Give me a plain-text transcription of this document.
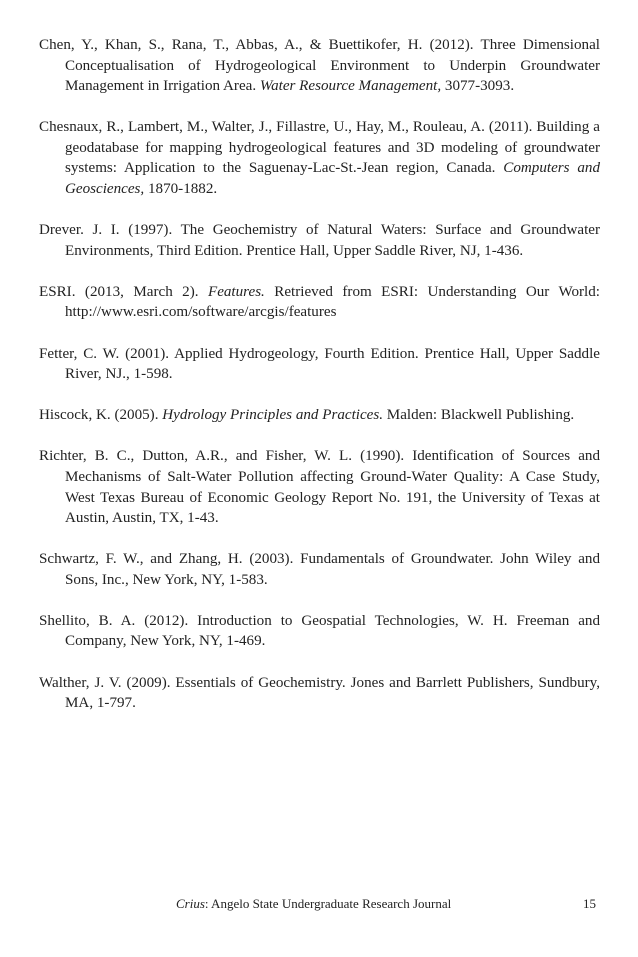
Chen, Y., Khan, S., Rana, T., Abbas, A., & Buettikofer, H. (2012). Three Dimensional Conceptualisation of Hydrogeological Environment to Underpin Groundwater Management in Irrigation Area. Water Resource Management, 3077-3093.

Chesnaux, R., Lambert, M., Walter, J., Fillastre, U., Hay, M., Rouleau, A. (2011). Building a geodatabase for mapping hydrogeological features and 3D modeling of groundwater systems: Application to the Saguenay-Lac-St.-Jean region, Canada. Computers and Geosciences, 1870-1882.

Drever. J. I. (1997). The Geochemistry of Natural Waters: Surface and Groundwater Environments, Third Edition. Prentice Hall, Upper Saddle River, NJ, 1-436.

ESRI. (2013, March 2). Features. Retrieved from ESRI: Understanding Our World: http://www.esri.com/software/arcgis/features

Fetter, C. W. (2001). Applied Hydrogeology, Fourth Edition. Prentice Hall, Upper Saddle River, NJ., 1-598.

Hiscock, K. (2005). Hydrology Principles and Practices. Malden: Blackwell Publishing.

Richter, B. C., Dutton, A.R., and Fisher, W. L. (1990). Identification of Sources and Mechanisms of Salt-Water Pollution affecting Ground-Water Quality: A Case Study, West Texas Bureau of Economic Geology Report No. 191, the University of Texas at Austin, Austin, TX, 1-43.

Schwartz, F. W., and Zhang, H. (2003). Fundamentals of Groundwater. John Wiley and Sons, Inc., New York, NY, 1-583.

Shellito, B. A. (2012). Introduction to Geospatial Technologies, W. H. Freeman and Company, New York, NY, 1-469.

Walther, J. V. (2009). Essentials of Geochemistry. Jones and Barrlett Publishers, Sundbury, MA, 1-797.

Crius: Angelo State Undergraduate Research Journal	15
